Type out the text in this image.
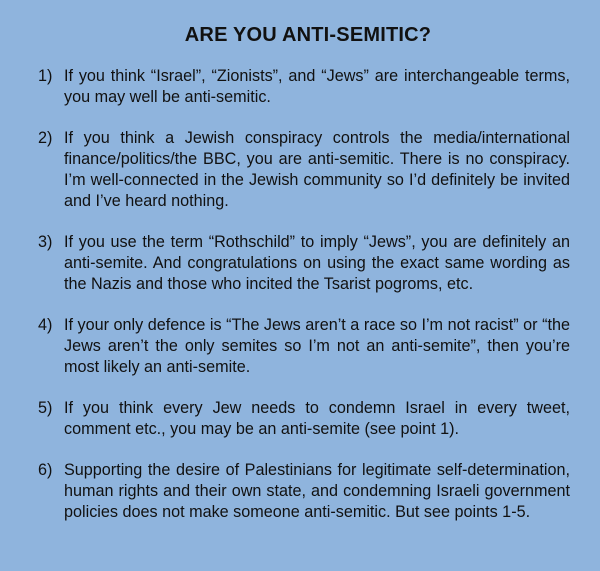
ARE YOU ANTI-SEMITIC?
1) If you think “Israel”, “Zionists”, and “Jews” are interchangeable terms, you may well be anti-semitic.
2) If you think a Jewish conspiracy controls the media/international finance/politics/the BBC, you are anti-semitic. There is no conspiracy. I’m well-connected in the Jewish community so I’d definitely be invited and I’ve heard nothing.
3) If you use the term “Rothschild” to imply “Jews”, you are definitely an anti-semite. And congratulations on using the exact same wording as the Nazis and those who incited the Tsarist pogroms, etc.
4) If your only defence is “The Jews aren’t a race so I’m not racist” or “the Jews aren’t the only semites so I’m not an anti-semite”, then you’re most likely an anti-semite.
5) If you think every Jew needs to condemn Israel in every tweet, comment etc., you may be an anti-semite (see point 1).
6) Supporting the desire of Palestinians for legitimate self-determination, human rights and their own state, and condemning Israeli government policies does not make someone anti-semitic. But see points 1-5.
